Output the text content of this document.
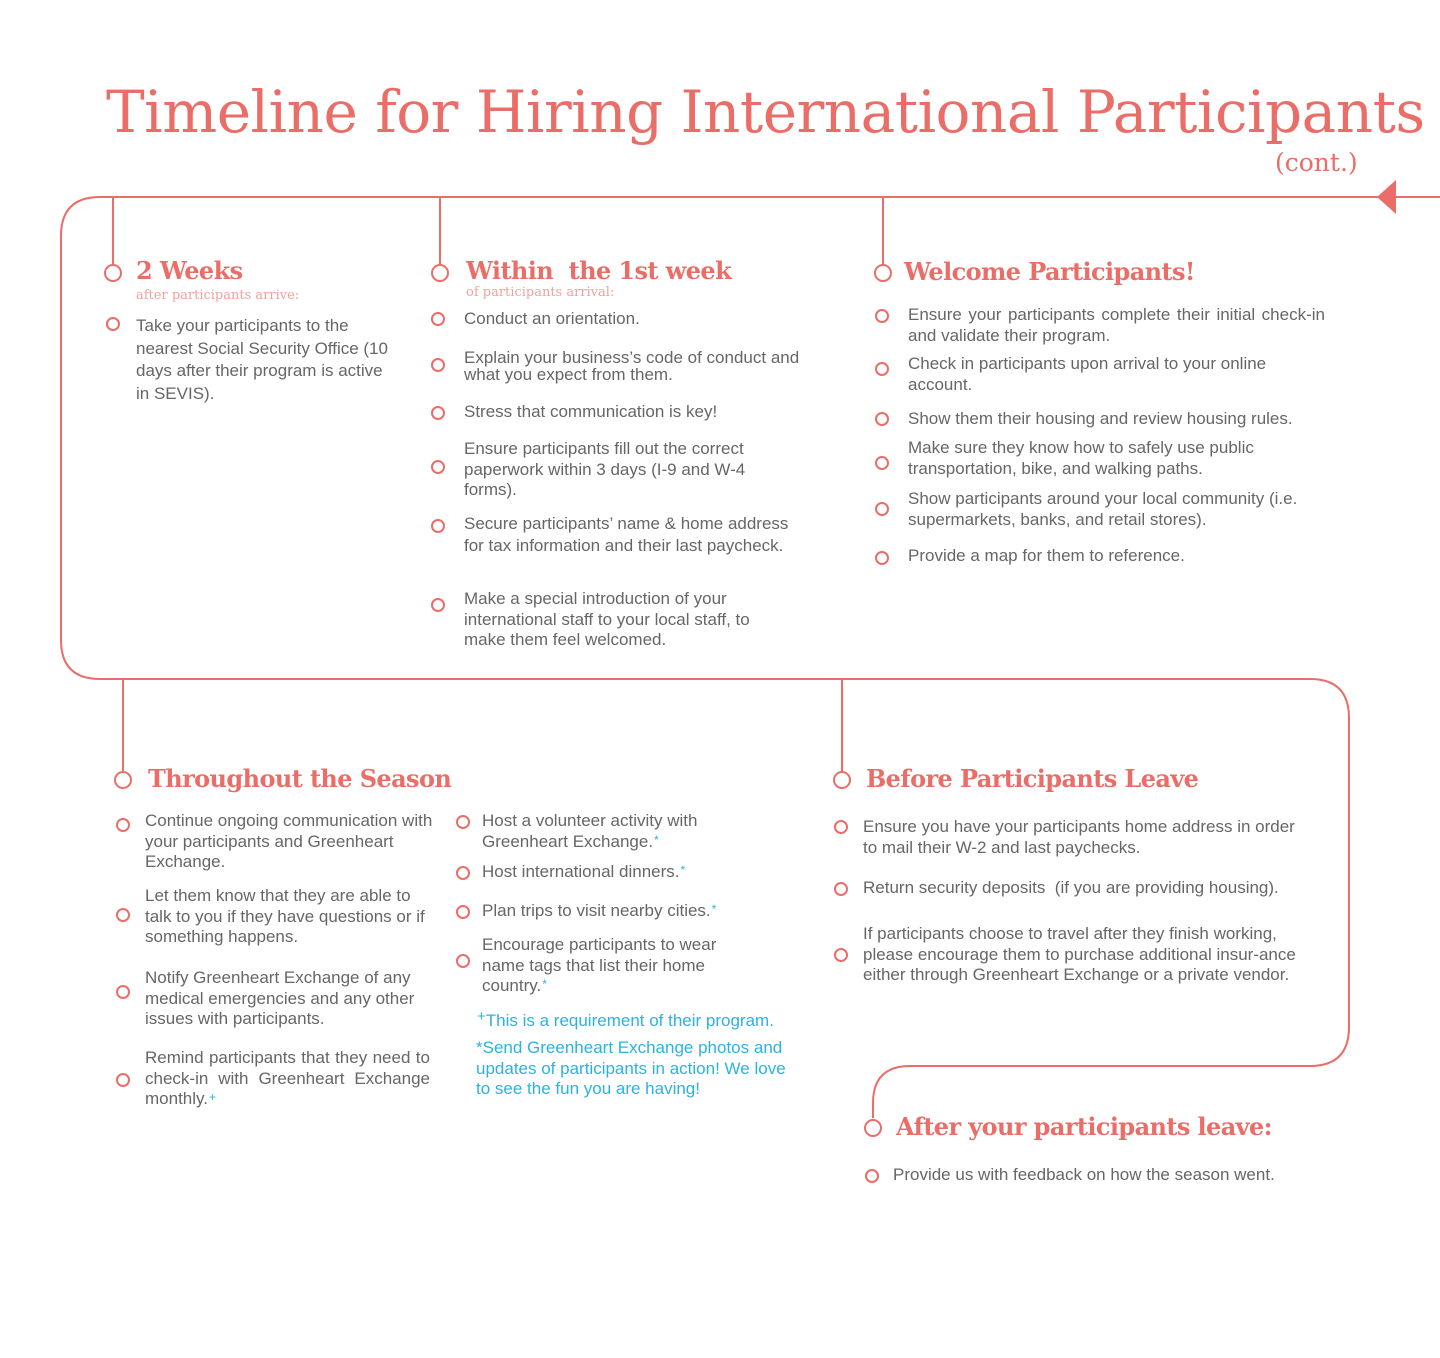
Timeline for Hiring International Participants
(cont.)
2 Weeks
after participants arrive:
Take your participants to the nearest Social Security Office (10 days after their program is active in SEVIS).
Within  the 1st week
of participants arrival:
Conduct an orientation.
Explain your business’s code of conduct and what you expect from them.
Stress that communication is key!
Ensure participants fill out the correct paperwork within 3 days (I-9 and W-4 forms).
Secure participants’ name & home address for tax information and their last paycheck.
Make a special introduction of your international staff to your local staff, to make them feel welcomed.
Welcome Participants!
Ensure your participants complete their initial check-in and validate their program.
Check in participants upon arrival to your online account.
Show them their housing and review housing rules.
Make sure they know how to safely use public transportation, bike, and walking paths.
Show participants around your local community (i.e. supermarkets, banks, and retail stores).
Provide a map for them to reference.
Throughout the Season
Continue ongoing communication with your participants and Greenheart Exchange.
Let them know that they are able to talk to you if they have questions or if something happens.
Notify Greenheart Exchange of any medical emergencies and any other issues with participants.
Remind participants that they need to check-in with Greenheart Exchange monthly.+
Host a volunteer activity with Greenheart Exchange.*
Host international dinners.*
Plan trips to visit nearby cities.*
Encourage participants to wear name tags that list their home country.*
+This is a requirement of their program.
*Send Greenheart Exchange photos and updates of participants in action! We love to see the fun you are having!
Before Participants Leave
Ensure you have your participants home address in order to mail their W-2 and last paychecks.
Return security deposits  (if you are providing housing).
If participants choose to travel after they finish working, please encourage them to purchase additional insur-ance either through Greenheart Exchange or a private vendor.
After your participants leave:
Provide us with feedback on how the season went.
